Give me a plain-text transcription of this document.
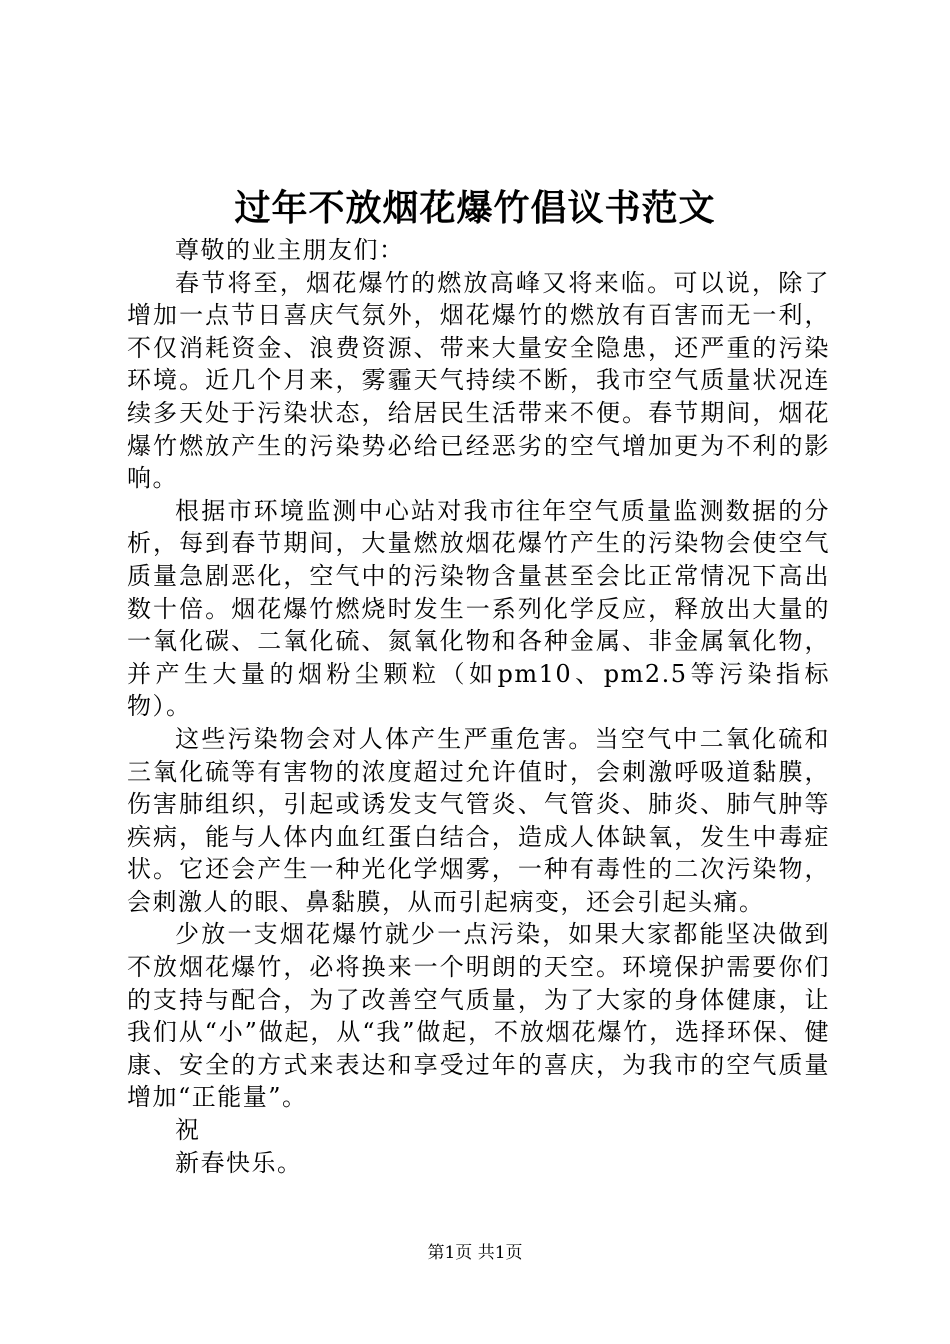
过年不放烟花爆竹倡议书范文

尊敬的业主朋友们：

春节将至，烟花爆竹的燃放高峰又将来临。可以说，除了增加一点节日喜庆气氛外，烟花爆竹的燃放有百害而无一利，不仅消耗资金、浪费资源、带来大量安全隐患，还严重的污染环境。近几个月来，雾霾天气持续不断，我市空气质量状况连续多天处于污染状态，给居民生活带来不便。春节期间，烟花爆竹燃放产生的污染势必给已经恶劣的空气增加更为不利的影响。

根据市环境监测中心站对我市往年空气质量监测数据的分析，每到春节期间，大量燃放烟花爆竹产生的污染物会使空气质量急剧恶化，空气中的污染物含量甚至会比正常情况下高出数十倍。烟花爆竹燃烧时发生一系列化学反应，释放出大量的一氧化碳、二氧化硫、氮氧化物和各种金属、非金属氧化物，并产生大量的烟粉尘颗粒（如pm10、pm2.5等污染指标物）。

这些污染物会对人体产生严重危害。当空气中二氧化硫和三氧化硫等有害物的浓度超过允许值时，会刺激呼吸道黏膜，伤害肺组织，引起或诱发支气管炎、气管炎、肺炎、肺气肿等疾病，能与人体内血红蛋白结合，造成人体缺氧，发生中毒症状。它还会产生一种光化学烟雾，一种有毒性的二次污染物，会刺激人的眼、鼻黏膜，从而引起病变，还会引起头痛。

少放一支烟花爆竹就少一点污染，如果大家都能坚决做到不放烟花爆竹，必将换来一个明朗的天空。环境保护需要你们的支持与配合，为了改善空气质量，为了大家的身体健康，让我们从“小”做起，从“我”做起，不放烟花爆竹，选择环保、健康、安全的方式来表达和享受过年的喜庆，为我市的空气质量增加“正能量”。

祝

新春快乐。

第1页 共1页
